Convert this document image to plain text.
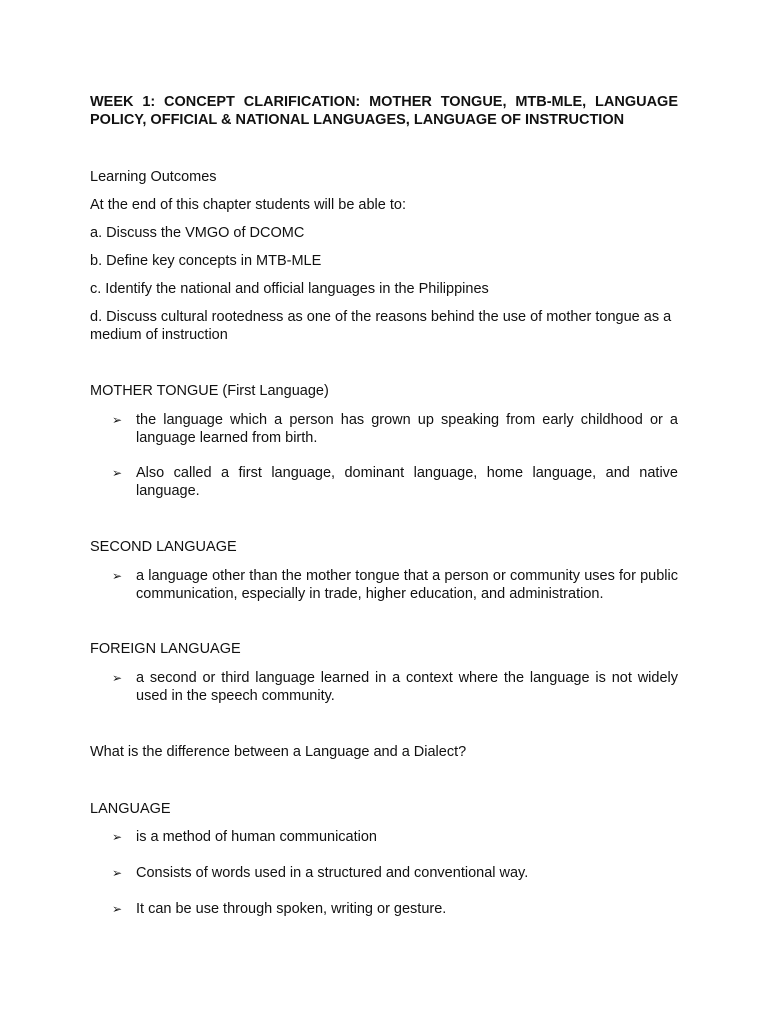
WEEK 1: CONCEPT CLARIFICATION: MOTHER TONGUE, MTB-MLE, LANGUAGE
POLICY, OFFICIAL & NATIONAL LANGUAGES, LANGUAGE OF INSTRUCTION
Learning Outcomes
At the end of this chapter students will be able to:
a. Discuss the VMGO of DCOMC
b. Define key concepts in MTB-MLE
c. Identify the national and official languages in the Philippines
d. Discuss cultural rootedness as one of the reasons behind the use of mother tongue as a medium of instruction
MOTHER TONGUE (First Language)
➢ the language which a person has grown up speaking from early childhood or a language learned from birth.
➢ Also called a first language, dominant language, home language, and native language.
SECOND LANGUAGE
➢ a language other than the mother tongue that a person or community uses for public communication, especially in trade, higher education, and administration.
FOREIGN LANGUAGE
➢ a second or third language learned in a context where the language is not widely used in the speech community.
What is the difference between a Language and a Dialect?
LANGUAGE
➢ is a method of human communication
➢ Consists of words used in a structured and conventional way.
➢ It can be use through spoken, writing or gesture.
